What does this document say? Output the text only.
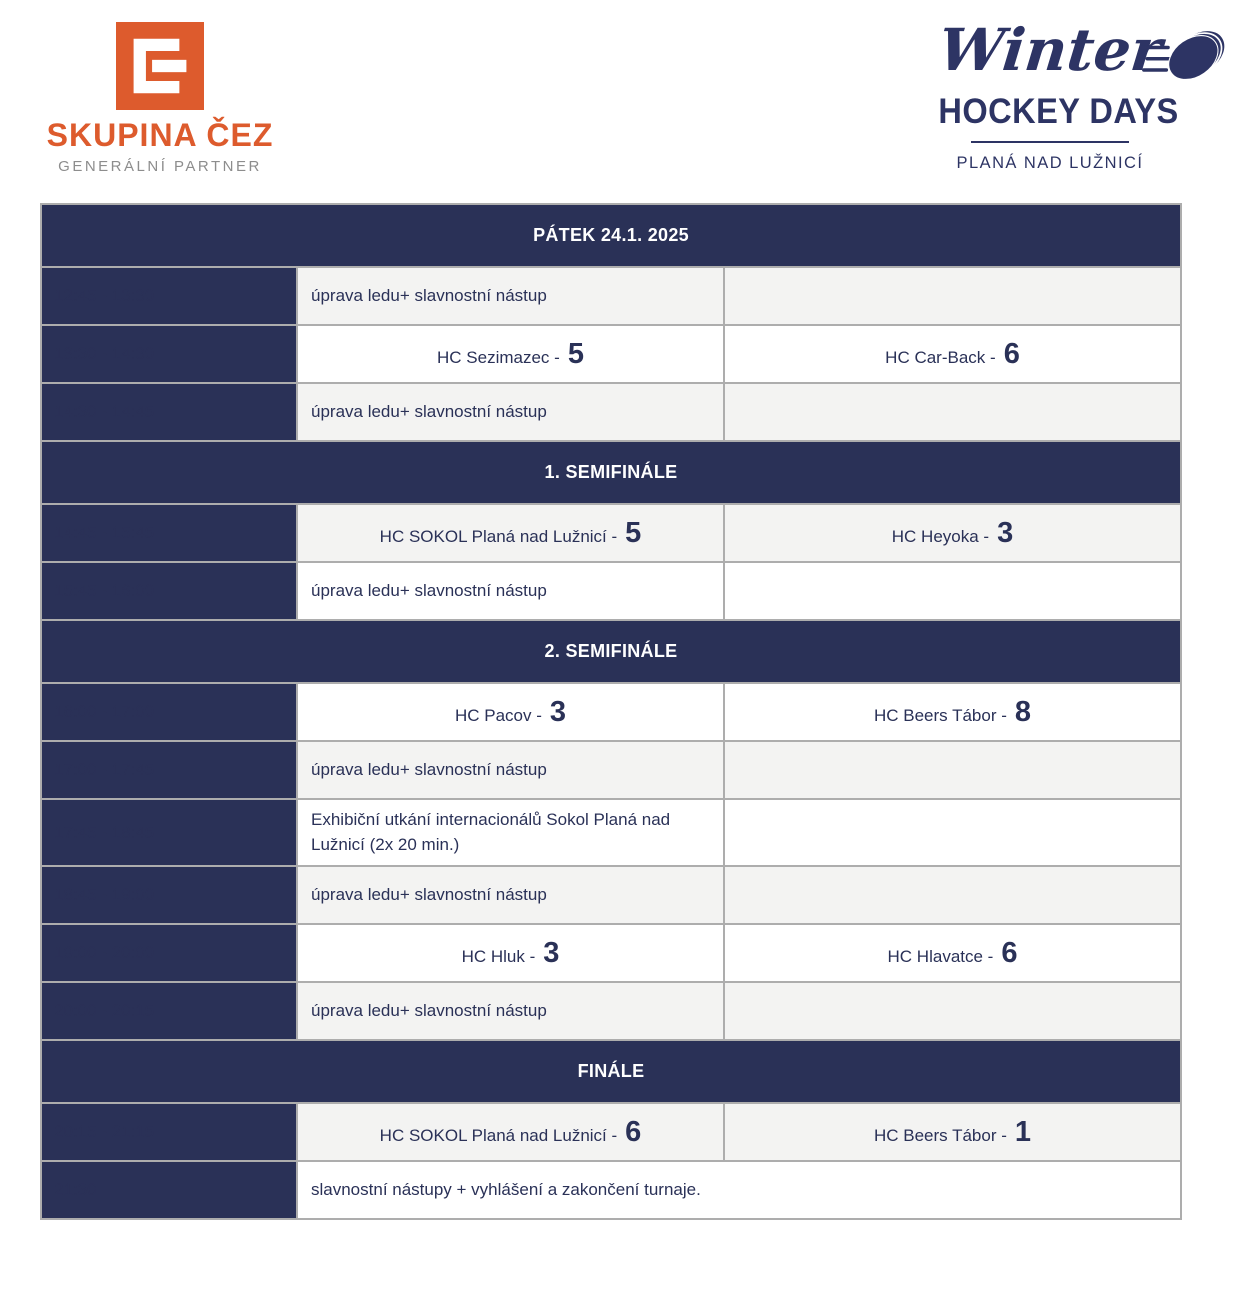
SKUPINA ČEZ
GENERÁLNÍ PARTNER
Winter
HOCKEY DAYS
PLANÁ NAD LUŽNICÍ
PÁTEK 24.1. 2025		
12:45 - 13:30	úprava ledu+ slavnostní nástup	
13:30 - 14:30	HC Sezimazec - 5	HC Car-Back - 6
14:30 - 14:45	úprava ledu+ slavnostní nástup	
1. SEMIFINÁLE		
14:45 - 15:45	HC SOKOL Planá nad Lužnicí - 5	HC Heyoka - 3
15:45 - 16:00	úprava ledu+ slavnostní nástup	
2. SEMIFINÁLE		
16:00 - 17:00	HC Pacov - 3	HC Beers Tábor - 8
17:00 - 17:45	úprava ledu+ slavnostní nástup	
17:45 - 18:45	Exhibiční utkání internacionálů Sokol Planá nad Lužnicí (2x 20 min.)	
18:45 - 19:00	úprava ledu+ slavnostní nástup	
19:00 - 20:00	HC Hluk - 3	HC Hlavatce - 6
20:00 - 20:15	úprava ledu+ slavnostní nástup	
FINÁLE		
20:15 - 21:15	HC SOKOL Planá nad Lužnicí - 6	HC Beers Tábor - 1
21:30	slavnostní nástupy + vyhlášení a zakončení turnaje.	
